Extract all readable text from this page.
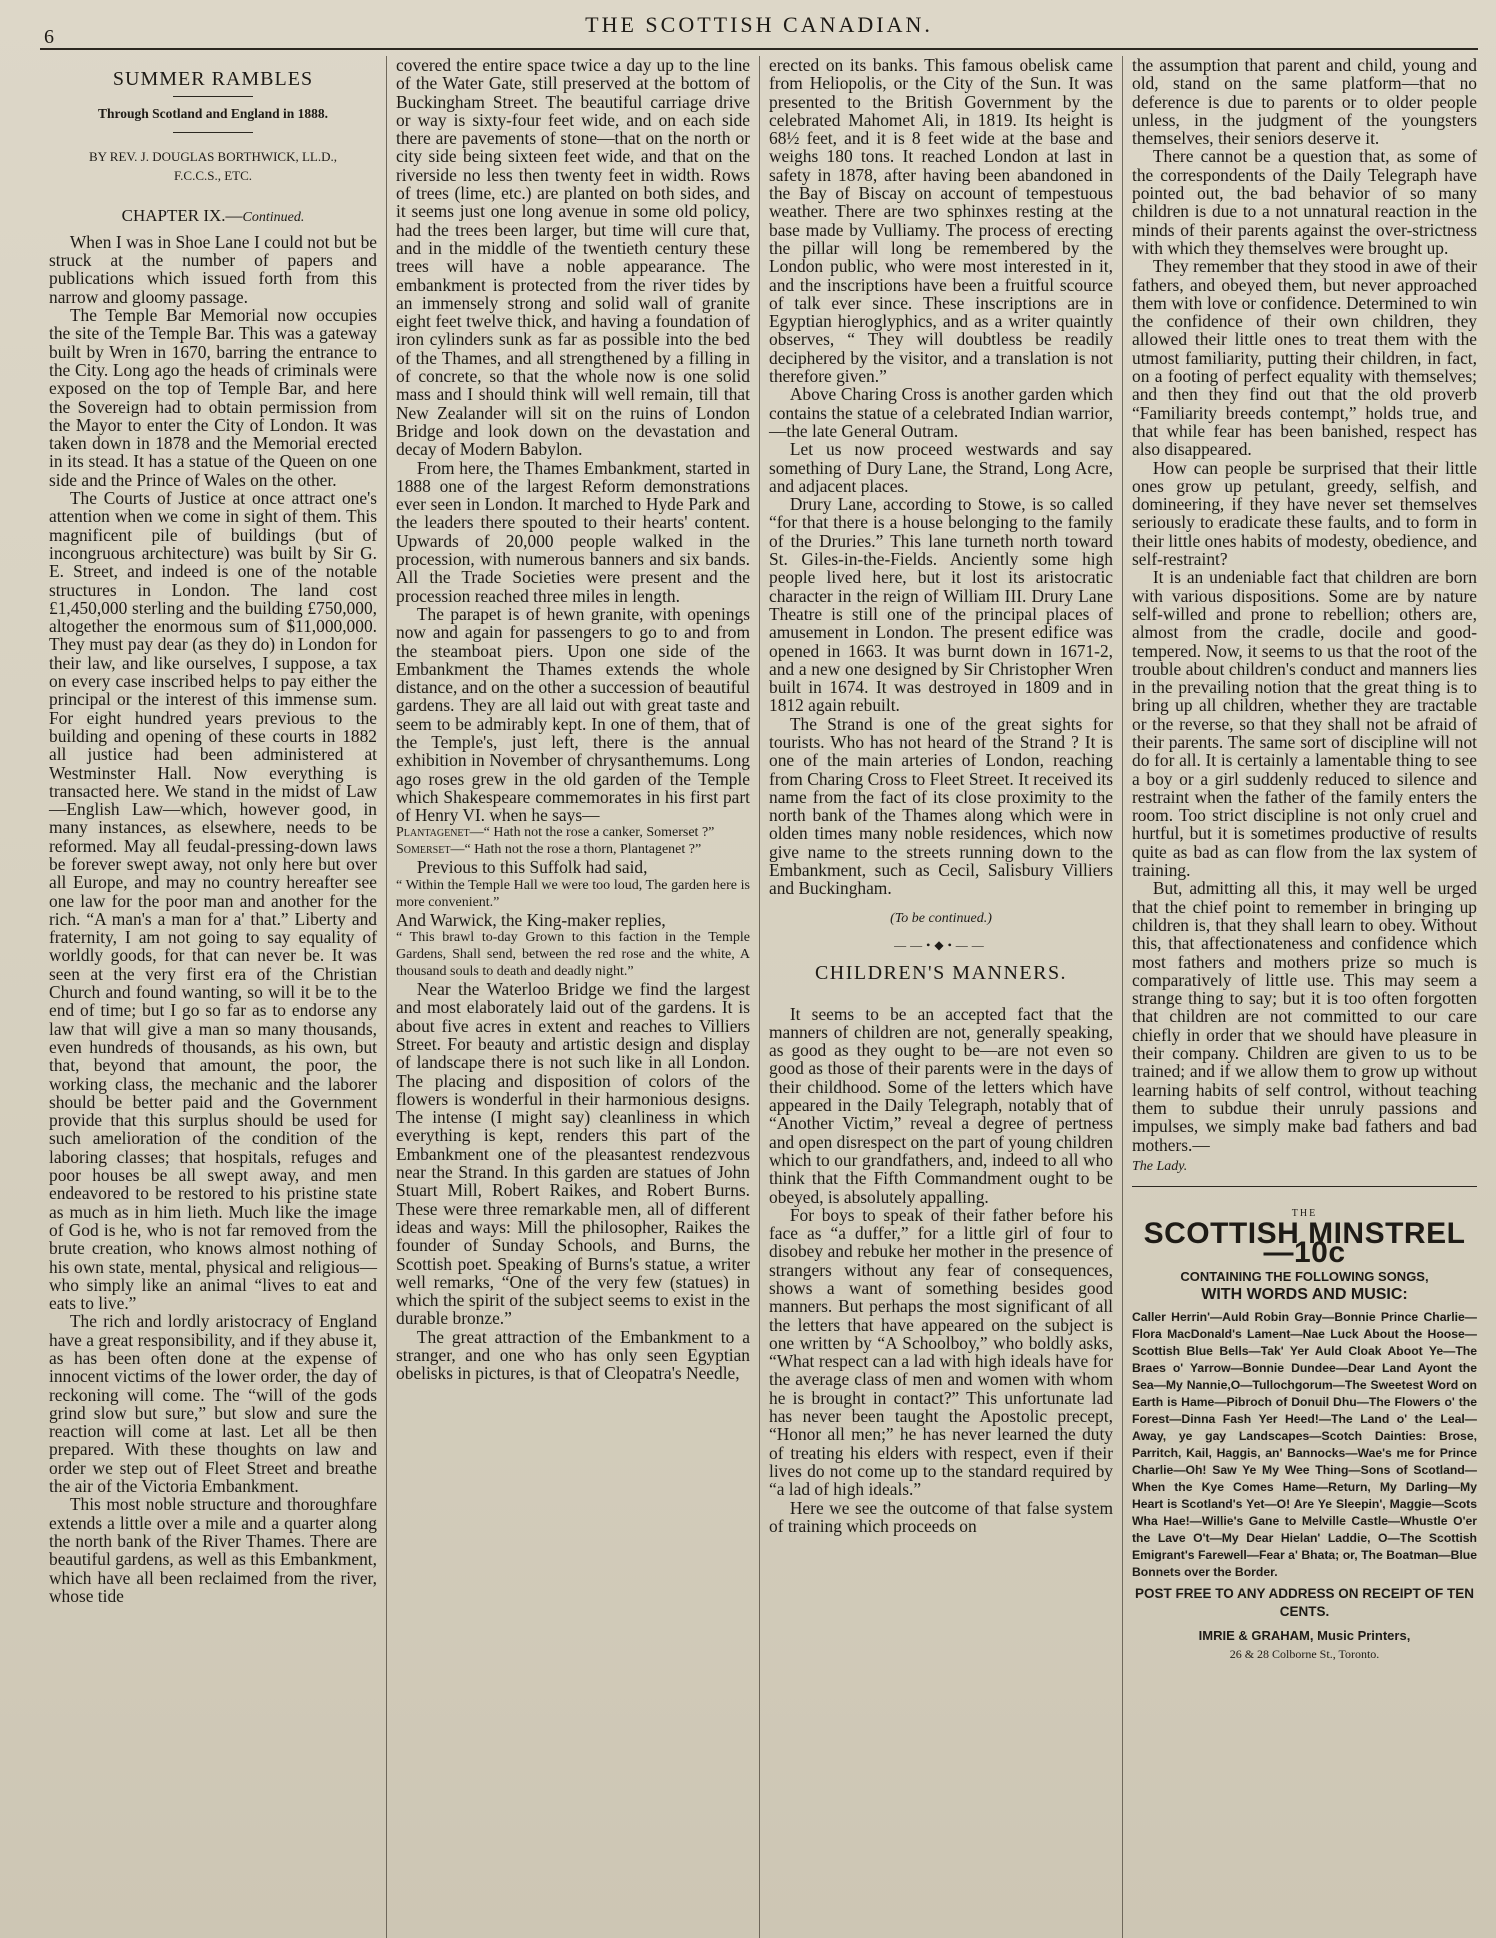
6	THE SCOTTISH CANADIAN.
SUMMER RAMBLES
Through Scotland and England in 1888.
BY REV. J. DOUGLAS BORTHWICK, LL.D.,
F.C.C.S., ETC.
CHAPTER IX.—Continued.

When I was in Shoe Lane I could not but be struck at the number of papers and publications which issued forth from this narrow and gloomy passage.

The Temple Bar Memorial now occupies the site of the Temple Bar. This was a gateway built by Wren in 1670, barring the entrance to the City. Long ago the heads of criminals were exposed on the top of Temple Bar, and here the Sovereign had to obtain permission from the Mayor to enter the City of London. It was taken down in 1878 and the Memorial erected in its stead. It has a statue of the Queen on one side and the Prince of Wales on the other.

The Courts of Justice at once attract one's attention when we come in sight of them. This magnificent pile of buildings (but of incongruous architecture) was built by Sir G. E. Street, and indeed is one of the notable structures in London. The land cost £1,450,000 sterling and the building £750,000, altogether the enormous sum of $11,000,000. They must pay dear (as they do) in London for their law, and like ourselves, I suppose, a tax on every case inscribed helps to pay either the principal or the interest of this immense sum. For eight hundred years previous to the building and opening of these courts in 1882 all justice had been administered at Westminster Hall. Now everything is transacted here. We stand in the midst of Law—English Law—which, however good, in many instances, as elsewhere, needs to be reformed. May all feudal-pressing-down laws be forever swept away, not only here but over all Europe, and may no country hereafter see one law for the poor man and another for the rich. “A man's a man for a' that.” Liberty and fraternity, I am not going to say equality of worldly goods, for that can never be. It was seen at the very first era of the Christian Church and found wanting, so will it be to the end of time; but I go so far as to endorse any law that will give a man so many thousands, even hundreds of thousands, as his own, but that, beyond that amount, the poor, the working class, the mechanic and the laborer should be better paid and the Government provide that this surplus should be used for such amelioration of the condition of the laboring classes; that hospitals, refuges and poor houses be all swept away, and men endeavored to be restored to his pristine state as much as in him lieth. Much like the image of God is he, who is not far removed from the brute creation, who knows almost nothing of his own state, mental, physical and religious—who simply like an animal “lives to eat and eats to live.”

The rich and lordly aristocracy of England have a great responsibility, and if they abuse it, as has been often done at the expense of innocent victims of the lower order, the day of reckoning will come. The “will of the gods grind slow but sure,” but slow and sure the reaction will come at last. Let all be then prepared. With these thoughts on law and order we step out of Fleet Street and breathe the air of the Victoria Embankment.

This most noble structure and thoroughfare extends a little over a mile and a quarter along the north bank of the River Thames. There are beautiful gardens, as well as this Embankment, which have all been reclaimed from the river, whose tide

covered the entire space twice a day up to the line of the Water Gate, still preserved at the bottom of Buckingham Street. The beautiful carriage drive or way is sixty-four feet wide, and on each side there are pavements of stone—that on the north or city side being sixteen feet wide, and that on the riverside no less then twenty feet in width. Rows of trees (lime, etc.) are planted on both sides, and it seems just one long avenue in some old policy, had the trees been larger, but time will cure that, and in the middle of the twentieth century these trees will have a noble appearance. The embankment is protected from the river tides by an immensely strong and solid wall of granite eight feet twelve thick, and having a foundation of iron cylinders sunk as far as possible into the bed of the Thames, and all strengthened by a filling in of concrete, so that the whole now is one solid mass and I should think will well remain, till that New Zealander will sit on the ruins of London Bridge and look down on the devastation and decay of Modern Babylon.

From here, the Thames Embankment, started in 1888 one of the largest Reform demonstrations ever seen in London. It marched to Hyde Park and the leaders there spouted to their hearts' content. Upwards of 20,000 people walked in the procession, with numerous banners and six bands. All the Trade Societies were present and the procession reached three miles in length.

The parapet is of hewn granite, with openings now and again for passengers to go to and from the steamboat piers. Upon one side of the Embankment the Thames extends the whole distance, and on the other a succession of beautiful gardens. They are all laid out with great taste and seem to be admirably kept. In one of them, that of the Temple's, just left, there is the annual exhibition in November of chrysanthemums. Long ago roses grew in the old garden of the Temple which Shakespeare commemorates in his first part of Henry VI. when he says—

Plantagenet—“ Hath not the rose a canker, Somerset ?”

Somerset—“ Hath not the rose a thorn, Plantagenet ?”

Previous to this Suffolk had said,

“ Within the Temple Hall we were too loud, The garden here is more convenient.”

And Warwick, the King-maker replies,

“ This brawl to-day Grown to this faction in the Temple Gardens, Shall send, between the red rose and the white, A thousand souls to death and deadly night.”

Near the Waterloo Bridge we find the largest and most elaborately laid out of the gardens. It is about five acres in extent and reaches to Villiers Street. For beauty and artistic design and display of landscape there is not such like in all London. The placing and disposition of colors of the flowers is wonderful in their harmonious designs. The intense (I might say) cleanliness in which everything is kept, renders this part of the Embankment one of the pleasantest rendezvous near the Strand. In this garden are statues of John Stuart Mill, Robert Raikes, and Robert Burns. These were three remarkable men, all of different ideas and ways: Mill the philosopher, Raikes the founder of Sunday Schools, and Burns, the Scottish poet. Speaking of Burns's statue, a writer well remarks, “One of the very few (statues) in which the spirit of the subject seems to exist in the durable bronze.”

The great attraction of the Embankment to a stranger, and one who has only seen Egyptian obelisks in pictures, is that of Cleopatra's Needle,

erected on its banks. This famous obelisk came from Heliopolis, or the City of the Sun. It was presented to the British Government by the celebrated Mahomet Ali, in 1819. Its height is 68½ feet, and it is 8 feet wide at the base and weighs 180 tons. It reached London at last in safety in 1878, after having been abandoned in the Bay of Biscay on account of tempestuous weather. There are two sphinxes resting at the base made by Vulliamy. The process of erecting the pillar will long be remembered by the London public, who were most interested in it, and the inscriptions have been a fruitful scource of talk ever since. These inscriptions are in Egyptian hieroglyphics, and as a writer quaintly observes, “ They will doubtless be readily deciphered by the visitor, and a translation is not therefore given.”

Above Charing Cross is another garden which contains the statue of a celebrated Indian warrior,—the late General Outram.

Let us now proceed westwards and say something of Dury Lane, the Strand, Long Acre, and adjacent places.

Drury Lane, according to Stowe, is so called “for that there is a house belonging to the family of the Druries.” This lane turneth north toward St. Giles-in-the-Fields. Anciently some high people lived here, but it lost its aristocratic character in the reign of William III. Drury Lane Theatre is still one of the principal places of amusement in London. The present edifice was opened in 1663. It was burnt down in 1671-2, and a new one designed by Sir Christopher Wren built in 1674. It was destroyed in 1809 and in 1812 again rebuilt.

The Strand is one of the great sights for tourists. Who has not heard of the Strand ? It is one of the main arteries of London, reaching from Charing Cross to Fleet Street. It received its name from the fact of its close proximity to the north bank of the Thames along which were in olden times many noble residences, which now give name to the streets running down to the Embankment, such as Cecil, Salisbury Villiers and Buckingham.

(To be continued.)
——•◆•——
CHILDREN'S MANNERS.

It seems to be an accepted fact that the manners of children are not, generally speaking, as good as they ought to be—are not even so good as those of their parents were in the days of their childhood. Some of the letters which have appeared in the Daily Telegraph, notably that of “Another Victim,” reveal a degree of pertness and open disrespect on the part of young children which to our grandfathers, and, indeed to all who think that the Fifth Commandment ought to be obeyed, is absolutely appalling.

For boys to speak of their father before his face as “a duffer,” for a little girl of four to disobey and rebuke her mother in the presence of strangers without any fear of consequences, shows a want of something besides good manners. But perhaps the most significant of all the letters that have appeared on the subject is one written by “A Schoolboy,” who boldly asks, “What respect can a lad with high ideals have for the average class of men and women with whom he is brought in contact?” This unfortunate lad has never been taught the Apostolic precept, “Honor all men;” he has never learned the duty of treating his elders with respect, even if their lives do not come up to the standard required by “a lad of high ideals.”

Here we see the outcome of that false system of training which proceeds on

the assumption that parent and child, young and old, stand on the same platform—that no deference is due to parents or to older people unless, in the judgment of the youngsters themselves, their seniors deserve it.

There cannot be a question that, as some of the correspondents of the Daily Telegraph have pointed out, the bad behavior of so many children is due to a not unnatural reaction in the minds of their parents against the over-strictness with which they themselves were brought up.

They remember that they stood in awe of their fathers, and obeyed them, but never approached them with love or confidence. Determined to win the confidence of their own children, they allowed their little ones to treat them with the utmost familiarity, putting their children, in fact, on a footing of perfect equality with themselves; and then they find out that the old proverb “Familiarity breeds contempt,” holds true, and that while fear has been banished, respect has also disappeared.

How can people be surprised that their little ones grow up petulant, greedy, selfish, and domineering, if they have never set themselves seriously to eradicate these faults, and to form in their little ones habits of modesty, obedience, and self-restraint?

It is an undeniable fact that children are born with various dispositions. Some are by nature self-willed and prone to rebellion; others are, almost from the cradle, docile and good-tempered. Now, it seems to us that the root of the trouble about children's conduct and manners lies in the prevailing notion that the great thing is to bring up all children, whether they are tractable or the reverse, so that they shall not be afraid of their parents. The same sort of discipline will not do for all. It is certainly a lamentable thing to see a boy or a girl suddenly reduced to silence and restraint when the father of the family enters the room. Too strict discipline is not only cruel and hurtful, but it is sometimes productive of results quite as bad as can flow from the lax system of training.

But, admitting all this, it may well be urged that the chief point to remember in bringing up children is, that they shall learn to obey. Without this, that affectionateness and confidence which most fathers and mothers prize so much is comparatively of little use. This may seem a strange thing to say; but it is too often forgotten that children are not committed to our care chiefly in order that we should have pleasure in their company. Children are given to us to be trained; and if we allow them to grow up without learning habits of self control, without teaching them to subdue their unruly passions and impulses, we simply make bad fathers and bad mothers.—

The Lady.
THE
SCOTTISH MINSTREL—10c
CONTAINING THE FOLLOWING SONGS,
WITH WORDS AND MUSIC:
Caller Herrin'—Auld Robin Gray—Bonnie Prince Charlie—Flora MacDonald's Lament—Nae Luck About the Hoose—Scottish Blue Bells—Tak' Yer Auld Cloak Aboot Ye—The Braes o' Yarrow—Bonnie Dundee—Dear Land Ayont the Sea—My Nannie,O—Tullochgorum—The Sweetest Word on Earth is Hame—Pibroch of Donuil Dhu—The Flowers o' the Forest—Dinna Fash Yer Heed!—The Land o' the Leal—Away, ye gay Landscapes—Scotch Dainties: Brose, Parritch, Kail, Haggis, an' Bannocks—Wae's me for Prince Charlie—Oh! Saw Ye My Wee Thing—Sons of Scotland—When the Kye Comes Hame—Return, My Darling—My Heart is Scotland's Yet—O! Are Ye Sleepin', Maggie—Scots Wha Hae!—Willie's Gane to Melville Castle—Whustle O'er the Lave O't—My Dear Hielan' Laddie, O—The Scottish Emigrant's Farewell—Fear a' Bhata; or, The Boatman—Blue Bonnets over the Border.
POST FREE TO ANY ADDRESS ON RECEIPT OF TEN CENTS.
IMRIE & GRAHAM, Music Printers,
26 & 28 Colborne St., Toronto.
